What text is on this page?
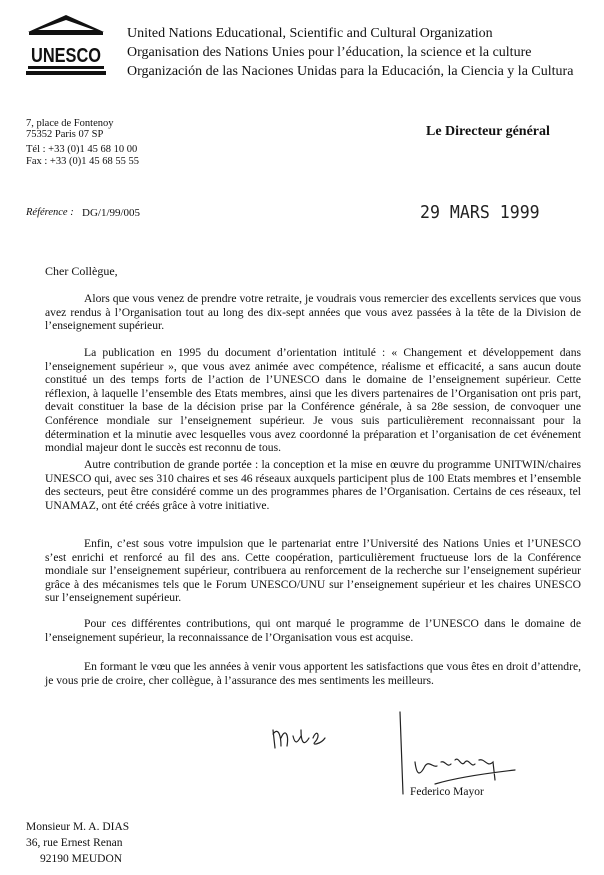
UNESCO
United Nations Educational, Scientific and Cultural Organization
Organisation des Nations Unies pour l’éducation, la science et la culture
Organización de las Naciones Unidas para la Educación, la Ciencia y la Cultura
7, place de Fontenoy
75352 Paris 07 SP
Tél : +33 (0)1 45 68 10 00
Fax : +33 (0)1 45 68 55 55
Le Directeur général
Référence : DG/1/99/005	29 MARS 1999
Cher Collègue,

Alors que vous venez de prendre votre retraite, je voudrais vous remercier des excellents services que vous avez rendus à l’Organisation tout au long des dix-sept années que vous avez passées à la tête de la Division de l’enseignement supérieur.

La publication en 1995 du document d’orientation intitulé : « Changement et développement dans l’enseignement supérieur », que vous avez animée avec compétence, réalisme et efficacité, a sans aucun doute constitué un des temps forts de l’action de l’UNESCO dans le domaine de l’enseignement supérieur. Cette réflexion, à laquelle l’ensemble des Etats membres, ainsi que les divers partenaires de l’Organisation ont pris part, devait constituer la base de la décision prise par la Conférence générale, à sa 28e session, de convoquer une Conférence mondiale sur l’enseignement supérieur. Je vous suis particulièrement reconnaissant pour la détermination et la minutie avec lesquelles vous avez coordonné la préparation et l’organisation de cet événement mondial majeur dont le succès est reconnu de tous.

Autre contribution de grande portée : la conception et la mise en œuvre du programme UNITWIN/chaires UNESCO qui, avec ses 310 chaires et ses 46 réseaux auxquels participent plus de 100 Etats membres et l’ensemble des secteurs, peut être considéré comme un des programmes phares de l’Organisation. Certains de ces réseaux, tel UNAMAZ, ont été créés grâce à votre initiative.

Enfin, c’est sous votre impulsion que le partenariat entre l’Université des Nations Unies et l’UNESCO s’est enrichi et renforcé au fil des ans. Cette coopération, particulièrement fructueuse lors de la Conférence mondiale sur l’enseignement supérieur, contribuera au renforcement de la recherche sur l’enseignement supérieur grâce à des mécanismes tels que le Forum UNESCO/UNU sur l’enseignement supérieur et les chaires UNESCO sur l’enseignement supérieur.

Pour ces différentes contributions, qui ont marqué le programme de l’UNESCO dans le domaine de l’enseignement supérieur, la reconnaissance de l’Organisation vous est acquise.

En formant le vœu que les années à venir vous apportent les satisfactions que vous êtes en droit d’attendre, je vous prie de croire, cher collègue, à l’assurance des mes sentiments les meilleurs.

Federico Mayor
Monsieur M. A. DIAS
36, rue Ernest Renan
92190 MEUDON
